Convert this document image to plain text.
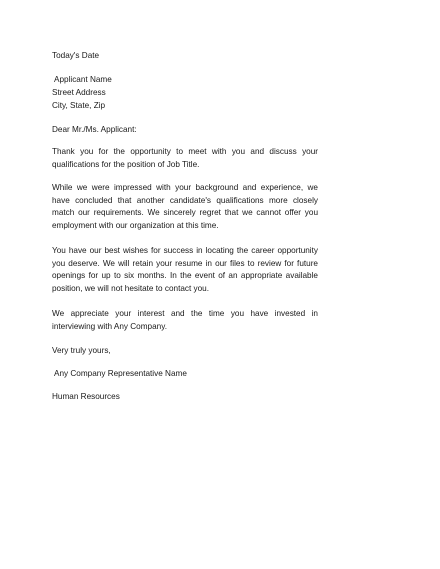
Today's Date
Applicant Name
Street Address
City, State, Zip
Dear Mr./Ms. Applicant:
Thank you for the opportunity to meet with you and discuss your qualifications for the position of Job Title.
While we were impressed with your background and experience, we have concluded that another candidate's qualifications more closely match our requirements. We sincerely regret that we cannot offer you employment with our organization at this time.
You have our best wishes for success in locating the career opportunity you deserve. We will retain your resume in our files to review for future openings for up to six months. In the event of an appropriate available position, we will not hesitate to contact you.
We appreciate your interest and the time you have invested in interviewing with Any Company.
Very truly yours,
Any Company Representative Name
Human Resources
